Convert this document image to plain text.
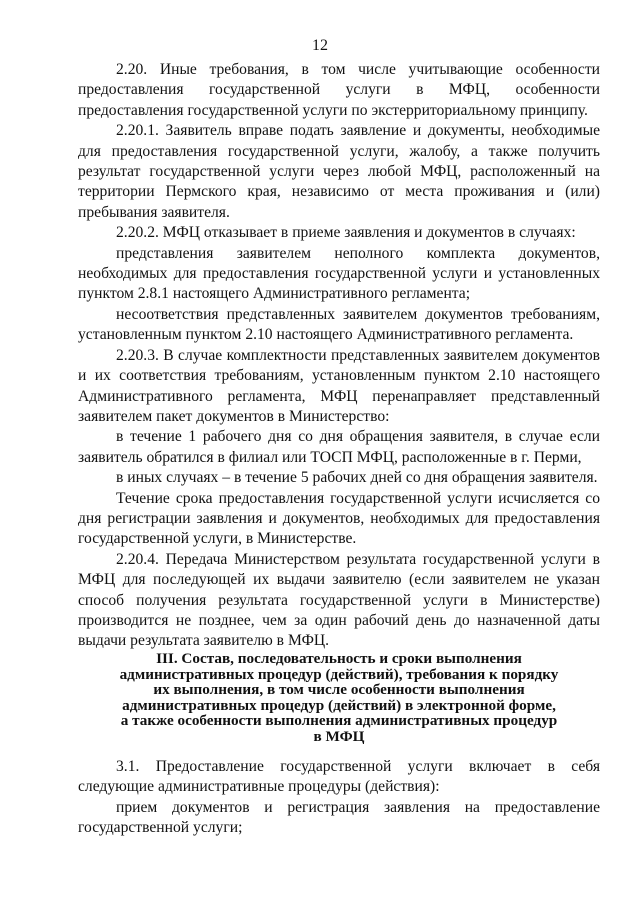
12

2.20. Иные требования, в том числе учитывающие особенности предоставления государственной услуги в МФЦ, особенности предоставления государственной услуги по экстерриториальному принципу.

2.20.1. Заявитель вправе подать заявление и документы, необходимые для предоставления государственной услуги, жалобу, а также получить результат государственной услуги через любой МФЦ, расположенный на территории Пермского края, независимо от места проживания и (или) пребывания заявителя.

2.20.2. МФЦ отказывает в приеме заявления и документов в случаях:

представления заявителем неполного комплекта документов, необходимых для предоставления государственной услуги и установленных пунктом 2.8.1 настоящего Административного регламента;

несоответствия представленных заявителем документов требованиям, установленным пунктом 2.10 настоящего Административного регламента.

2.20.3. В случае комплектности представленных заявителем документов и их соответствия требованиям, установленным пунктом 2.10 настоящего Административного регламента, МФЦ перенаправляет представленный заявителем пакет документов в Министерство:

в течение 1 рабочего дня со дня обращения заявителя, в случае если заявитель обратился в филиал или ТОСП МФЦ, расположенные в г. Перми,

в иных случаях – в течение 5 рабочих дней со дня обращения заявителя.

Течение срока предоставления государственной услуги исчисляется со дня регистрации заявления и документов, необходимых для предоставления государственной услуги, в Министерстве.

2.20.4. Передача Министерством результата государственной услуги в МФЦ для последующей их выдачи заявителю (если заявителем не указан способ получения результата государственной услуги в Министерстве) производится не позднее, чем за один рабочий день до назначенной даты выдачи результата заявителю в МФЦ.

III. Состав, последовательность и сроки выполнения
административных процедур (действий), требования к порядку
их выполнения, в том числе особенности выполнения
административных процедур (действий) в электронной форме,
а также особенности выполнения административных процедур
в МФЦ

3.1. Предоставление государственной услуги включает в себя следующие административные процедуры (действия):

прием документов и регистрация заявления на предоставление государственной услуги;
